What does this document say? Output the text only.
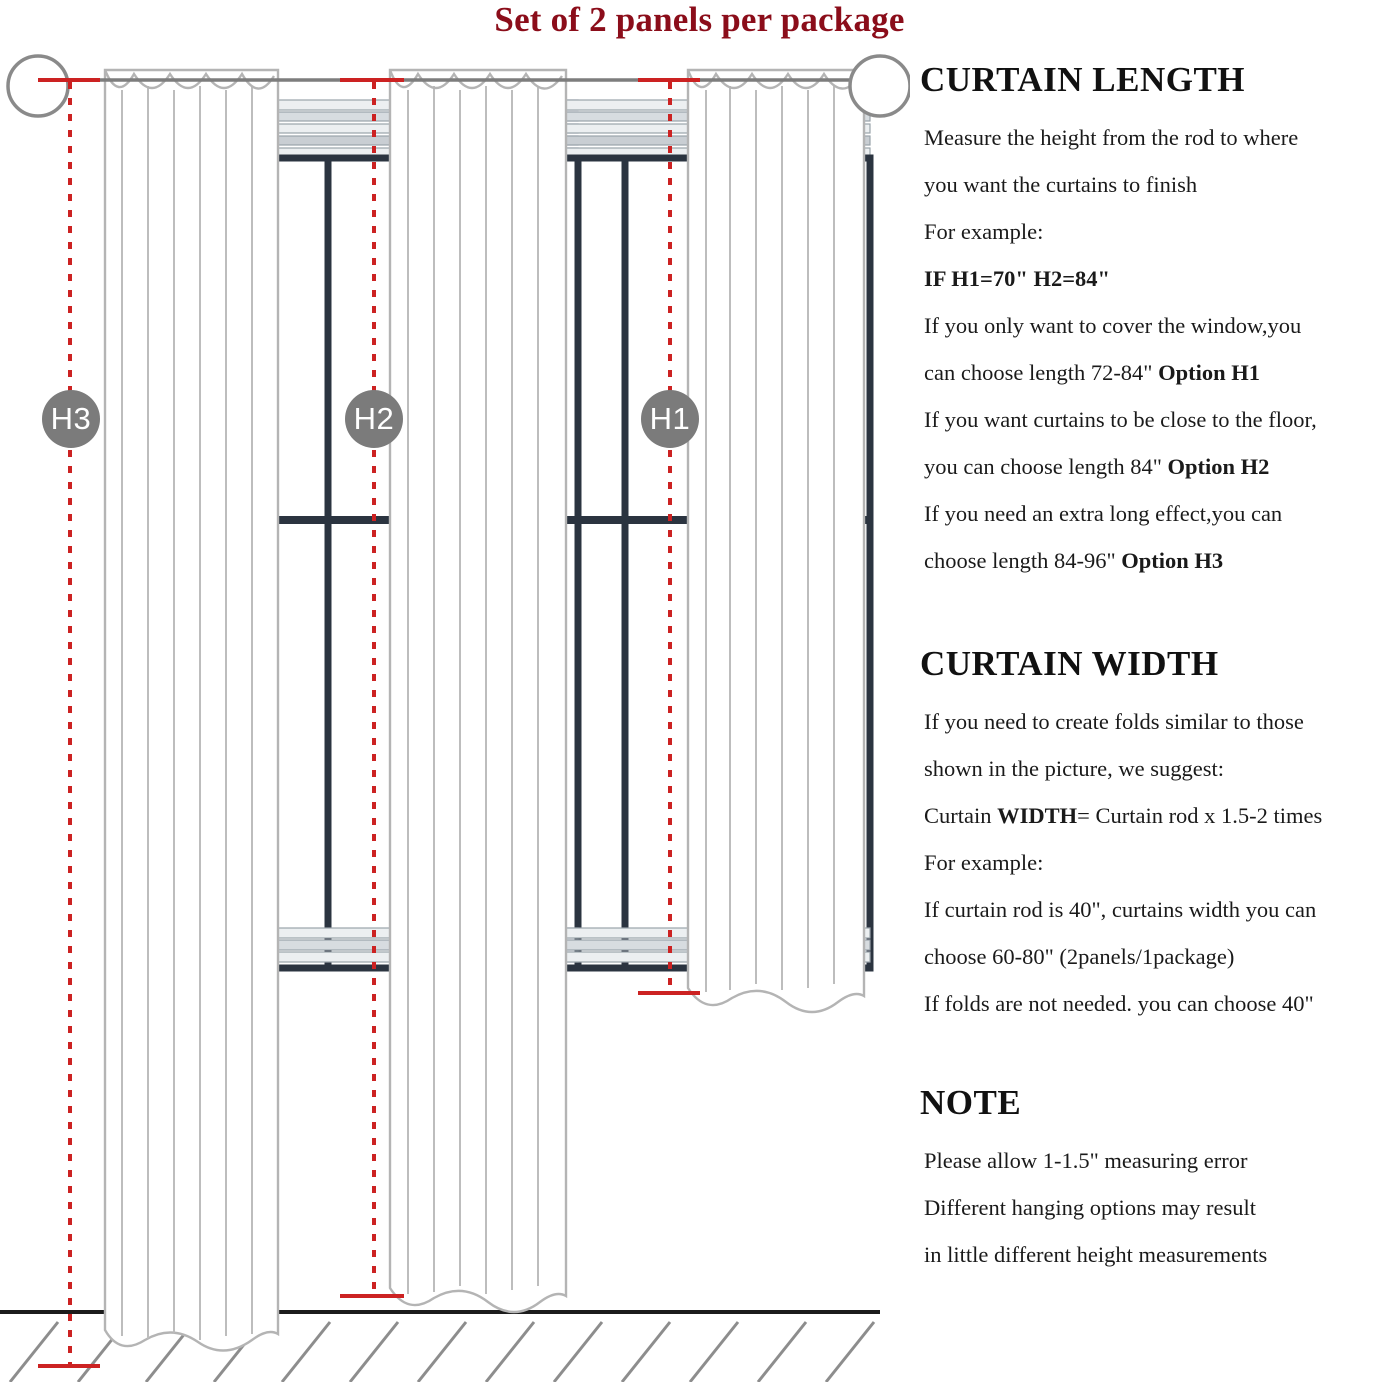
Set of 2 panels per package
H3	H2	H1
CURTAIN LENGTH
Measure the height from the rod to where
you want the curtains to finish
For example:
IF H1=70" H2=84"
If you only want to cover the window,you
can choose length 72-84" Option H1
If you want curtains to be close to the floor,
you can choose length 84" Option H2
If you need an extra long effect,you can
choose length 84-96" Option H3
CURTAIN WIDTH
If you need to create folds similar to those
shown in the picture, we suggest:
Curtain WIDTH= Curtain rod x 1.5-2 times
For example:
If curtain rod is 40", curtains width you can
choose 60-80" (2panels/1package)
If folds are not needed. you can choose 40"
NOTE
Please allow 1-1.5" measuring error
Different hanging options may result
in little different height measurements
